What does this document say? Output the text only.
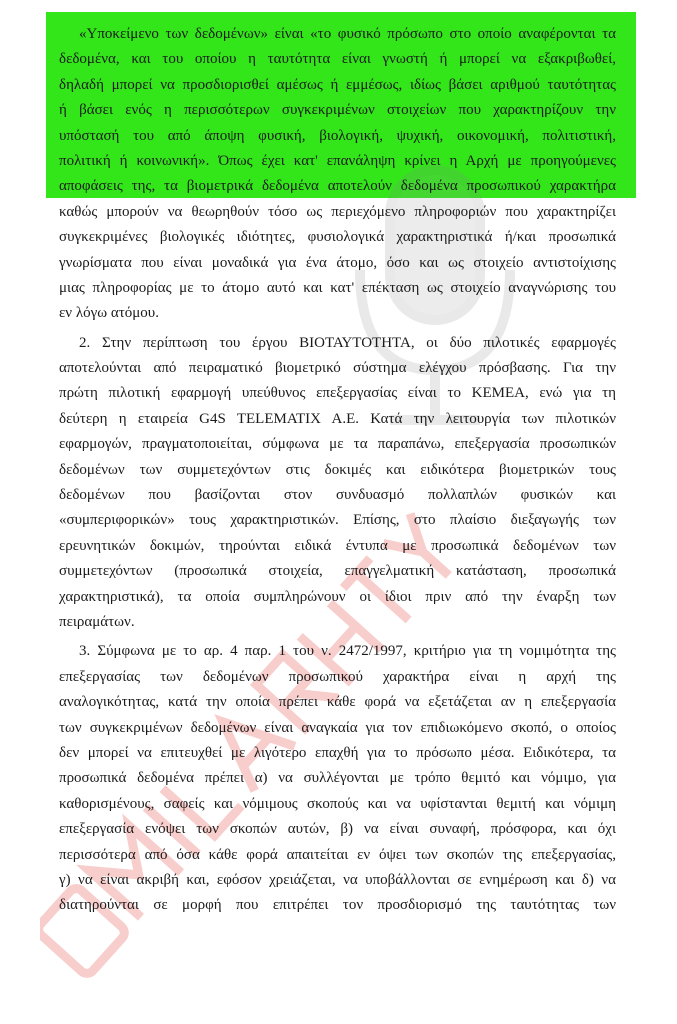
«Υποκείμενο των δεδομένων» είναι «το φυσικό πρόσωπο στο οποίο αναφέρονται τα
δεδομένα, και του οποίου η ταυτότητα είναι γνωστή ή μπορεί να εξακριβωθεί,
δηλαδή μπορεί να προσδιορισθεί αμέσως ή εμμέσως, ιδίως βάσει αριθμού ταυτότητας
ή βάσει ενός η περισσότερων συγκεκριμένων στοιχείων που χαρακτηρίζουν την
υπόστασή του από άποψη φυσική, βιολογική, ψυχική, οικονομική, πολιτιστική,
πολιτική ή κοινωνική». Όπως έχει κατ' επανάληψη κρίνει η Αρχή με προηγούμενες
αποφάσεις της, τα βιομετρικά δεδομένα αποτελούν δεδομένα προσωπικού χαρακτήρα
καθώς μπορούν να θεωρηθούν τόσο ως περιεχόμενο πληροφοριών που χαρακτηρίζει
συγκεκριμένες βιολογικές ιδιότητες, φυσιολογικά χαρακτηριστικά ή/και προσωπικά
γνωρίσματα που είναι μοναδικά για ένα άτομο, όσο και ως στοιχείο αντιστοίχισης
μιας πληροφορίας με το άτομο αυτό και κατ' επέκταση ως στοιχείο αναγνώρισης του
εν λόγω ατόμου.
2. Στην περίπτωση του έργου ΒΙΟΤΑΥΤΟΤΗΤΑ, οι δύο πιλοτικές εφαρμογές
αποτελούνται από πειραματικό βιομετρικό σύστημα ελέγχου πρόσβασης. Για την
πρώτη πιλοτική εφαρμογή υπεύθυνος επεξεργασίας είναι το ΚΕΜΕΑ, ενώ για τη
δεύτερη η εταιρεία G4S TELEMATIX A.E. Κατά την λειτουργία των πιλοτικών
εφαρμογών, πραγματοποιείται, σύμφωνα με τα παραπάνω, επεξεργασία προσωπικών
δεδομένων των συμμετεχόντων στις δοκιμές και ειδικότερα βιομετρικών τους
δεδομένων που βασίζονται στον συνδυασμό πολλαπλών φυσικών και
«συμπεριφορικών» τους χαρακτηριστικών. Επίσης, στο πλαίσιο διεξαγωγής των
ερευνητικών δοκιμών, τηρούνται ειδικά έντυπα με προσωπικά δεδομένων των
συμμετεχόντων (προσωπικά στοιχεία, επαγγελματική κατάσταση, προσωπικά
χαρακτηριστικά), τα οποία συμπληρώνουν οι ίδιοι πριν από την έναρξη των
πειραμάτων.
3. Σύμφωνα με το αρ. 4 παρ. 1 του ν. 2472/1997, κριτήριο για τη νομιμότητα της
επεξεργασίας των δεδομένων προσωπικού χαρακτήρα είναι η αρχή της
αναλογικότητας, κατά την οποία πρέπει κάθε φορά να εξετάζεται αν η επεξεργασία
των συγκεκριμένων δεδομένων είναι αναγκαία για τον επιδιωκόμενο σκοπό, ο οποίος
δεν μπορεί να επιτευχθεί με λιγότερο επαχθή για το πρόσωπο μέσα. Ειδικότερα, τα
προσωπικά δεδομένα πρέπει α) να συλλέγονται με τρόπο θεμιτό και νόμιμο, για
καθορισμένους, σαφείς και νόμιμους σκοπούς και να υφίστανται θεμιτή και νόμιμη
επεξεργασία ενόψει των σκοπών αυτών, β) να είναι συναφή, πρόσφορα, και όχι
περισσότερα από όσα κάθε φορά απαιτείται εν όψει των σκοπών της επεξεργασίας,
γ) να είναι ακριβή και, εφόσον χρειάζεται, να υποβάλλονται σε ενημέρωση και δ) να
διατηρούνται σε μορφή που επιτρέπει τον προσδιορισμό της ταυτότητας των
